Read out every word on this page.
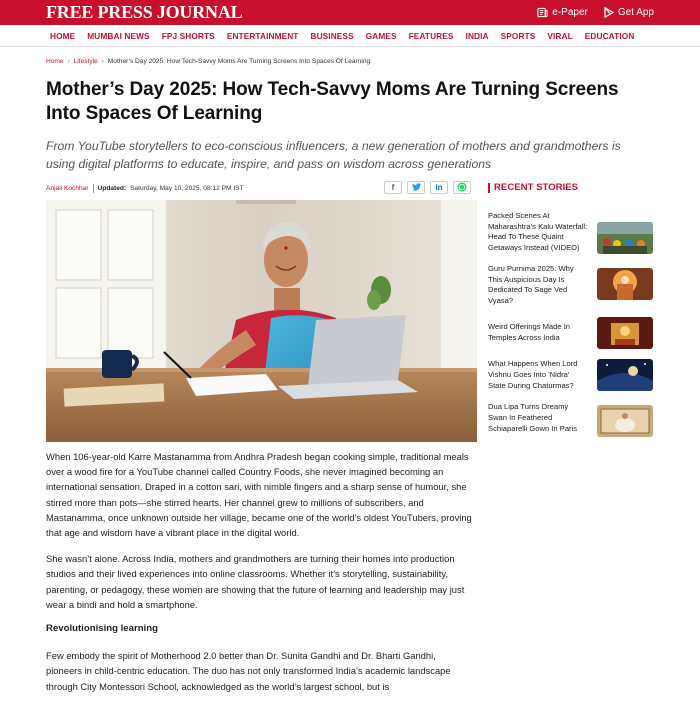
FREE PRESS JOURNAL	e-Paper	Get App
HOME	MUMBAI NEWS	FPJ SHORTS	ENTERTAINMENT	BUSINESS	GAMES	FEATURES	INDIA	SPORTS	VIRAL	EDUCATION
Home › Lifestyle › Mother’s Day 2025: How Tech-Savvy Moms Are Turning Screens Into Spaces Of Learning
Mother’s Day 2025: How Tech-Savvy Moms Are Turning Screens Into Spaces Of Learning

From YouTube storytellers to eco-conscious influencers, a new generation of mothers and grandmothers is using digital platforms to educate, inspire, and pass on wisdom across generations

Anjali Kochhar Updated: Saturday, May 10, 2025, 08:12 PM IST	f	in

When 106-year-old Karre Mastanamma from Andhra Pradesh began cooking simple, traditional meals over a wood fire for a YouTube channel called Country Foods, she never imagined becoming an international sensation. Draped in a cotton sari, with nimble fingers and a sharp sense of humour, she stirred more than pots—she stirred hearts. Her channel grew to millions of subscribers, and Mastanamma, once unknown outside her village, became one of the world’s oldest YouTubers, proving that age and wisdom have a vibrant place in the digital world.

She wasn’t alone. Across India, mothers and grandmothers are turning their homes into production studios and their lived experiences into online classrooms. Whether it’s storytelling, sustainability, parenting, or pedagogy, these women are showing that the future of learning and leadership may just wear a bindi and hold a smartphone.

Revolutionising learning

Few embody the spirit of Motherhood 2.0 better than Dr. Sunita Gandhi and Dr. Bharti Gandhi, pioneers in child-centric education. The duo has not only transformed India’s academic landscape through City Montessori School, acknowledged as the world’s largest school, but is

RECENT STORIES
Packed Scenes At Maharashtra’s Kalu Waterfall: Head To These Quaint Getaways Instead (VIDEO)
Guru Purnima 2025: Why This Auspicious Day Is Dedicated To Sage Ved Vyasa?
Weird Offerings Made In Temples Across India
What Happens When Lord Vishnu Goes Into 'Nidra' State During Chaturmas?
Dua Lipa Turns Dreamy Swan In Feathered Schiaparelli Gown In Paris
